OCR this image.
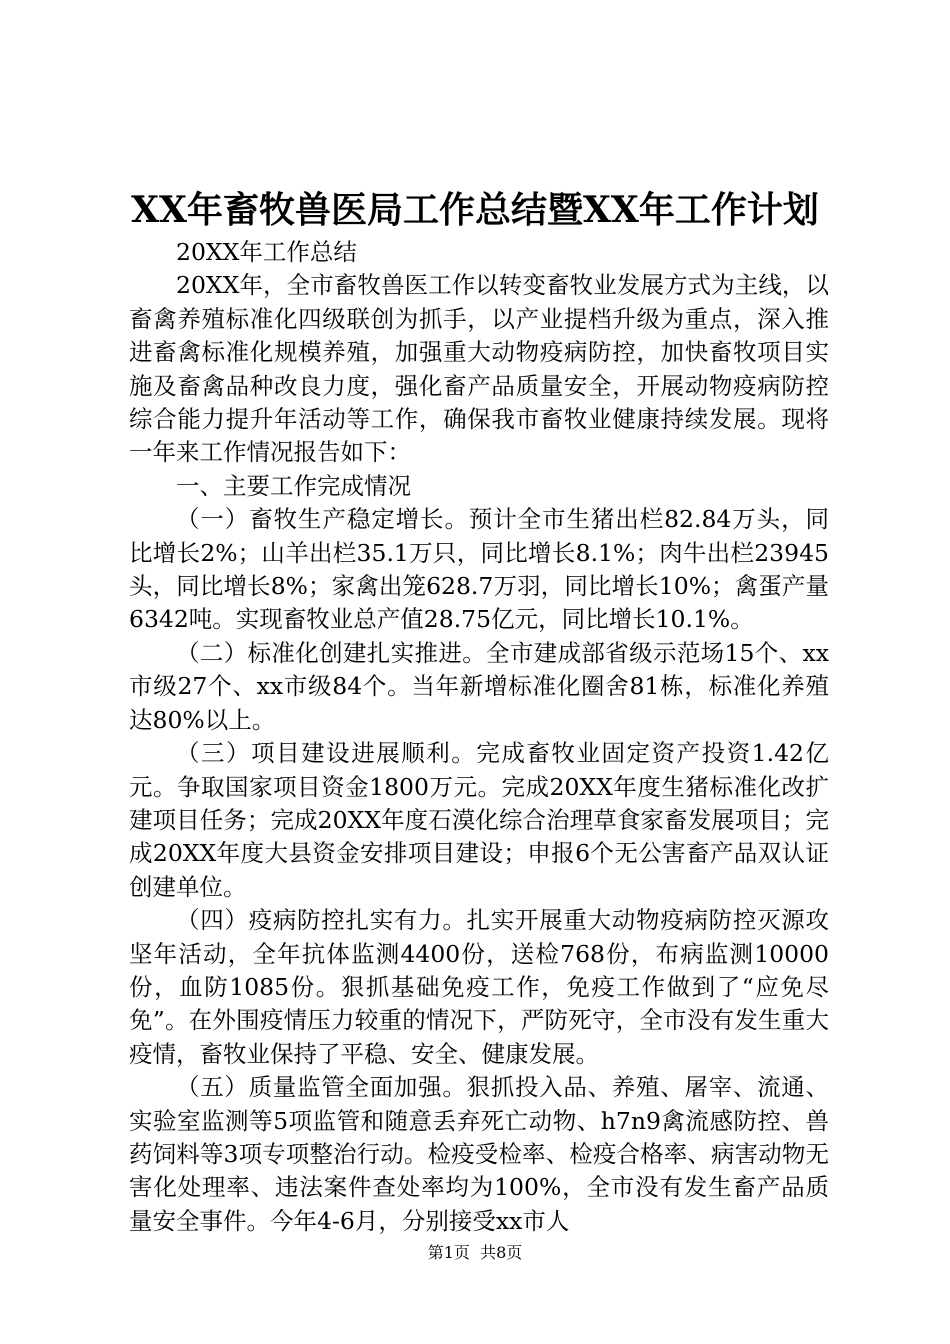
XX年畜牧兽医局工作总结暨XX年工作计划

20XX年工作总结

20XX年，全市畜牧兽医工作以转变畜牧业发展方式为主线，以畜禽养殖标准化四级联创为抓手，以产业提档升级为重点，深入推进畜禽标准化规模养殖，加强重大动物疫病防控，加快畜牧项目实施及畜禽品种改良力度，强化畜产品质量安全，开展动物疫病防控综合能力提升年活动等工作，确保我市畜牧业健康持续发展。现将一年来工作情况报告如下：

一、主要工作完成情况

（一）畜牧生产稳定增长。预计全市生猪出栏82.84万头，同比增长2%；山羊出栏35.1万只，同比增长8.1%；肉牛出栏23945头，同比增长8%；家禽出笼628.7万羽，同比增长10%；禽蛋产量6342吨。实现畜牧业总产值28.75亿元，同比增长10.1%。

（二）标准化创建扎实推进。全市建成部省级示范场15个、xx市级27个、xx市级84个。当年新增标准化圈舍81栋，标准化养殖达80%以上。

（三）项目建设进展顺利。完成畜牧业固定资产投资1.42亿元。争取国家项目资金1800万元。完成20XX年度生猪标准化改扩建项目任务；完成20XX年度石漠化综合治理草食家畜发展项目；完成20XX年度大县资金安排项目建设；申报6个无公害畜产品双认证创建单位。

（四）疫病防控扎实有力。扎实开展重大动物疫病防控灭源攻坚年活动，全年抗体监测4400份，送检768份，布病监测10000份，血防1085份。狠抓基础免疫工作，免疫工作做到了“应免尽免”。在外围疫情压力较重的情况下，严防死守，全市没有发生重大疫情，畜牧业保持了平稳、安全、健康发展。

（五）质量监管全面加强。狠抓投入品、养殖、屠宰、流通、实验室监测等5项监管和随意丢弃死亡动物、h7n9禽流感防控、兽药饲料等3项专项整治行动。检疫受检率、检疫合格率、病害动物无害化处理率、违法案件查处率均为100%，全市没有发生畜产品质量安全事件。今年4-6月，分别接受xx市人

第1页  共8页
